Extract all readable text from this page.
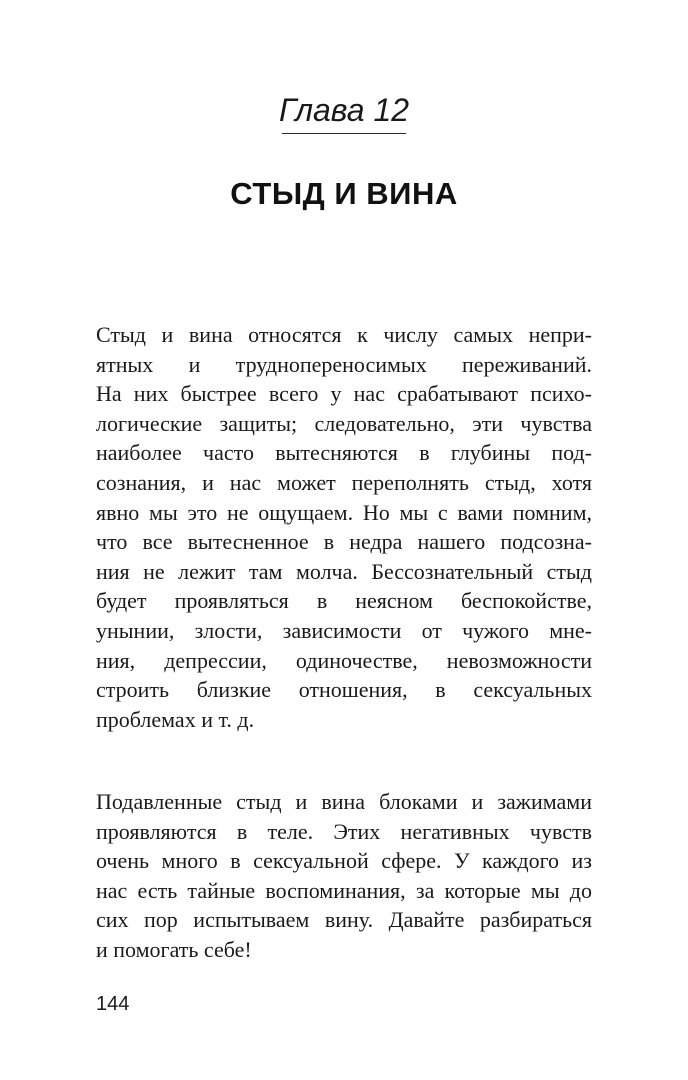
Глава 12
СТЫД И ВИНА
Стыд и вина относятся к числу самых непри-
ятных и труднопереносимых переживаний.
На них быстрее всего у нас срабатывают психо-
логические защиты; следовательно, эти чувства
наиболее часто вытесняются в глубины под-
сознания, и нас может переполнять стыд, хотя
явно мы это не ощущаем. Но мы с вами помним,
что все вытесненное в недра нашего подсозна-
ния не лежит там молча. Бессознательный стыд
будет проявляться в неясном беспокойстве,
унынии, злости, зависимости от чужого мне-
ния, депрессии, одиночестве, невозможности
строить близкие отношения, в сексуальных
проблемах и т. д.
Подавленные стыд и вина блоками и зажимами
проявляются в теле. Этих негативных чувств
очень много в сексуальной сфере. У каждого из
нас есть тайные воспоминания, за которые мы до
сих пор испытываем вину. Давайте разбираться
и помогать себе!
144
